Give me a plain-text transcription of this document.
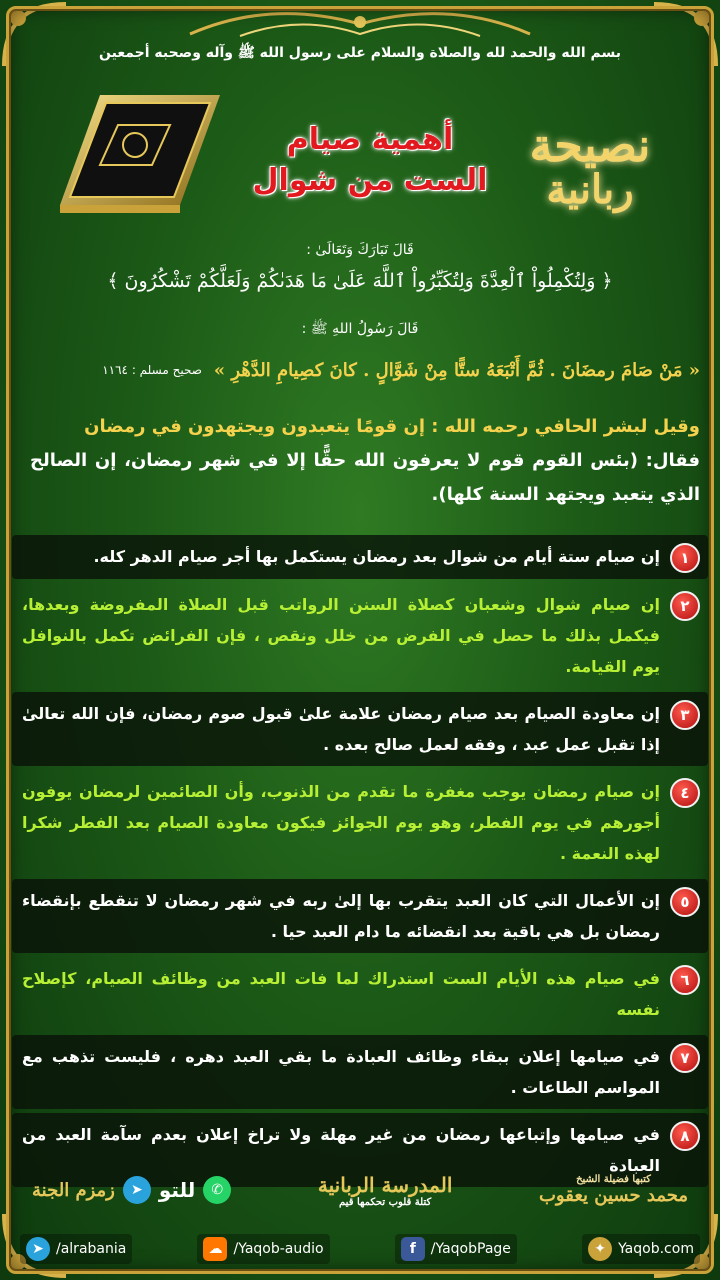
بسم الله والحمد لله والصلاة والسلام على رسول الله ﷺ وآله وصحبه أجمعين
أهمية صيام
الست من شوال
نصيحة
ربانية
قَالَ تَبَارَكَ وَتَعَالَىٰ :
﴿ وَلِتُكْمِلُواْ ٱلْعِدَّةَ وَلِتُكَبِّرُواْ ٱللَّهَ عَلَىٰ مَا هَدَىٰكُمْ وَلَعَلَّكُمْ تَشْكُرُونَ ﴾
قَالَ رَسُولُ اللهِ ﷺ :
« مَنْ صَامَ رمضَانَ . ثُمَّ أَتْبَعَهُ ستًّا مِنْ شَوَّالٍ . كانَ كصِيامِ الدَّهْرِ »
صحيح مسلم : ١١٦٤
وقيل لبشر الحافي رحمه الله : إن قومًا يتعبدون ويجتهدون في رمضان
فقال: (بئس القوم قوم لا يعرفون الله حقًّا إلا في شهر رمضان، إن الصالح الذي يتعبد ويجتهد السنة كلها).
١
إن صيام ستة أيام من شوال بعد رمضان يستكمل بها أجر صيام الدهر كله.
٢
إن صيام شوال وشعبان كصلاة السنن الرواتب قبل الصلاة المفروضة وبعدها، فيكمل بذلك ما حصل في الفرض من خلل ونقص ، فإن الفرائض تكمل بالنوافل يوم القيامة.
٣
إن معاودة الصيام بعد صيام رمضان علامة علىٰ قبول صوم رمضان، فإن الله تعالىٰ إذا تقبل عمل عبد ، وفقه لعمل صالح بعده .
٤
إن صيام رمضان يوجب مغفرة ما تقدم من الذنوب، وأن الصائمين لرمضان يوفون أجورهم في يوم الفطر، وهو يوم الجوائز فيكون معاودة الصيام بعد الفطر شكرا لهذه النعمة .
٥
إن الأعمال التي كان العبد يتقرب بها إلىٰ ربه في شهر رمضان لا تنقطع بإنقضاء رمضان بل هي باقية بعد انقضائه ما دام العبد حيا .
٦
في صيام هذه الأيام الست استدراك لما فات العبد من وظائف الصيام، كإصلاح نفسه
٧
في صيامها إعلان ببقاء وظائف العبادة ما بقي العبد دهره ، فليست تذهب مع المواسم الطاعات .
٨
في صيامها وإتباعها رمضان من غير مهلة ولا تراخ إعلان بعدم سآمة العبد من العبادة
كتبها فضيلة الشيخ
محمد حسين يعقوب
المدرسة الربانية
كتلة قلوب تحكمها قيم
✆
للتو
➤
زمزم الجنة
➤ /alrabania	☁ /Yaqob-audio	f	/YaqobPage	✦ Yaqob.com
